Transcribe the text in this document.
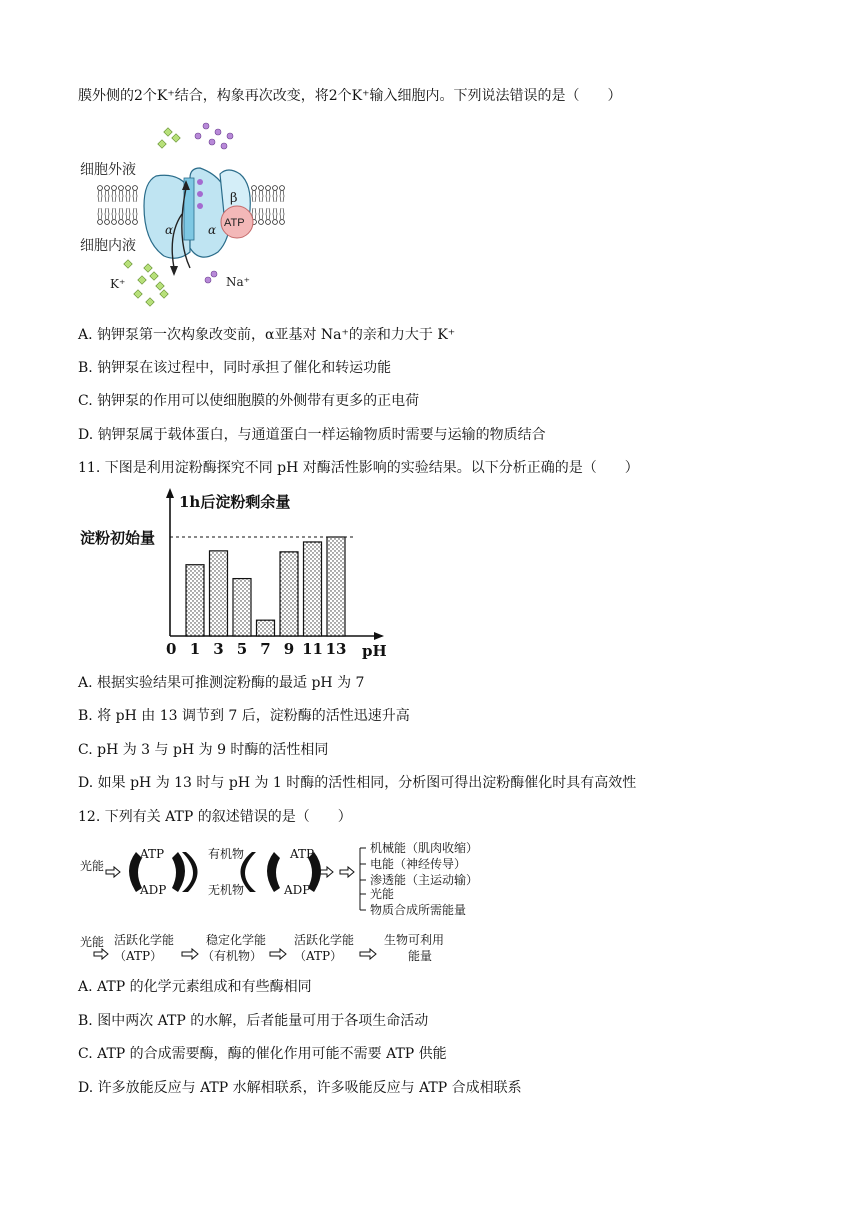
膜外侧的2个K⁺结合，构象再次改变，将2个K⁺输入细胞内。下列说法错误的是（　　）
α	α
β
ATP
细胞外液
细胞内液
K⁺	Na⁺
A. 钠钾泵第一次构象改变前，α亚基对 Na⁺的亲和力大于 K⁺
B. 钠钾泵在该过程中，同时承担了催化和转运功能
C. 钠钾泵的作用可以使细胞膜的外侧带有更多的正电荷
D. 钠钾泵属于载体蛋白，与通道蛋白一样运输物质时需要与运输的物质结合
11. 下图是利用淀粉酶探究不同 pH 对酶活性影响的实验结果。以下分析正确的是（　　）
1h后淀粉剩余量
淀粉初始量
0	pH
1 3 5 7 9 11 13
A. 根据实验结果可推测淀粉酶的最适 pH 为 7
B. 将 pH 由 13 调节到 7 后，淀粉酶的活性迅速升高
C. pH 为 3 与 pH 为 9 时酶的活性相同
D. 如果 pH 为 13 时与 pH 为 1 时酶的活性相同，分析图可得出淀粉酶催化时具有高效性
12. 下列有关 ATP 的叙述错误的是（　　）
光能
ATP
ADP
有机物
无机物
ATP
ADP
机械能（肌肉收缩）
电能（神经传导）
渗透能（主运动输）
光能
物质合成所需能量
光能 活跃化学能
（ATP）
稳定化学能
（有机物）
活跃化学能
（ATP）
生物可利用
能量
A. ATP 的化学元素组成和有些酶相同
B. 图中两次 ATP 的水解，后者能量可用于各项生命活动
C. ATP 的合成需要酶，酶的催化作用可能不需要 ATP 供能
D. 许多放能反应与 ATP 水解相联系，许多吸能反应与 ATP 合成相联系
